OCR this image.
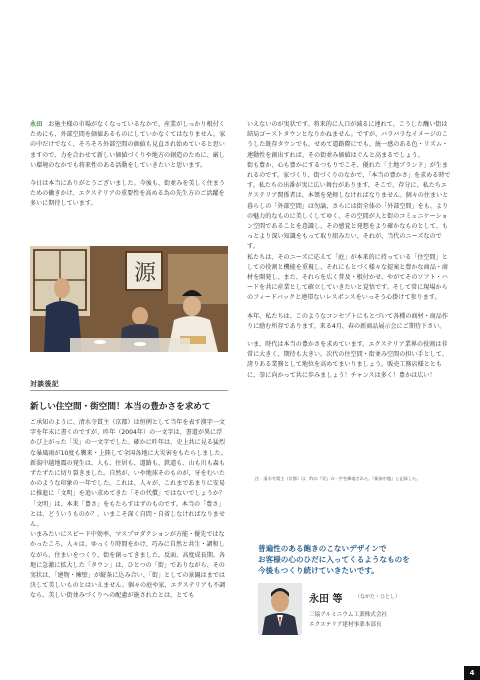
永田　お施主様の市場がなくなっているなかで、産業がしっかり根付くためにも、外部空間を価値あるものにしていかなくてはなりません。家の中だけでなく、そろそろ外部空間の価値も見直され始めていると思いますので、力を合わせて新しい価値づくりや地方の創造のために、厳しい環境のなかでも将来性のある活動をしていきたいと思います。

今日は本当にありがとうございました。今後も、街並みを美しく住まうための働きかけ、エクステリアの重要性を高める為の先生方のご活躍を多いに期待しています。

源
対談後記
新しい住空間・街空間！本当の豊かさを求めて

ご承知のように、清水寺貫主（京都）は恒例として当年を表す漢字一文字を年末に書くのですが、昨年（2004年）の一文字は、書道が異に浮かび上がった「災」の一文字でした。確かに昨年は、史上共に見る猛烈な暴風雨が10度も襲来・上陸して全国各地に大災害をもたらしました。新潟中越地震の発生は、人も、住居も、道路も、鉄道も、山も川も森もずたずたに切り裂きました。自然が、いや地球そのものが、牙をむいたかのような印象の一年でした。これは、人々が、これまであまりに安易に推進に「文明」を追い求めてきた「その代償」ではないでしょうか？「文明」は、本来「豊さ」をもたらすはずのものです。本当の「豊さ」とは、どういうものか？、いまこそ深く自問・自省しなければなりません。

いまみたいにスピード中効率、マスプロダクションが方能・優先ではなかったころ、人々は、ゆっくり時間をかけ、巧みに自然と共生・調和しながら、住まいをつくり、街を創ってきました。反面、高度成長期、各地に急激に拡大した「タウン」は、ひとつの「街」でありながら、その実状は、「建物・擁壁」が縦条に込み合い、「街」としての景観はまでは決して美しいものとはいえません。個々の庭や家、エクステリアも不調なら、美しい街並みづくりへの配慮が施されたとは、とても

いえないのが実状です。将来的に人口が減るに連れて、こうした醜い街は結局ゴーストタウンとなりかねません。ですが、バラバラなイメージのこうした既存タウンでも、せめて道路際にでも、統一感のある色・リズム・連動性を創出すれば、その街並み価値はぐんと高まるでしょう。

街も豊か、心も豊かにするつもりでこそ、優れた「土地ブランド」が生まれるのです。家づくり、街づくりのなかで、「本当の豊かさ」を求める時です。私たちの出番が実に広い舞台があります。そこで、存分に、私たちエクステリア関係者は、本領を発揮しなければなりません。個々の住まいと暮らしの「外部空間」は勿論、さらには街全体の「外部空間」をも、よりの魅力的なものに美しくしてゆく、その空間が人と街のコミュニケーション空間であることを意識し、その感覚と発想をより確かなものとして、もっとより深い知識をもって取り組みたい、それが、当代のニーズなのです。

私たちは、そのニーズに応えて「庭」が本来的に持っている「住空間」としての役割と機能を重視し、それにもとづく様々な提案と豊かな商品・商材を開発し、また、それらを広く普及・根付かせ、やがてそのソフト・ハードを共に産業として確立していきたいと覚悟です。そして常に現場からのフィードバックと連帯ないレスポンスをいっそう心掛けて参ります。

本年、私たちは、このようなコンセプトにもとづいて各種の商材・商品作りに励む所存であります。来る4月、春の新商品展示会にご期待下さい。

いま、時代は本当の豊かさを求めています。エクステリア業界の役割は非常に大きく、期待も大きい。次代の住空間・街並み空間の担い手として、誇りある業務として地位を高めてまいりましょう。販売工務店様とともに、拳に向かって共に歩みましょう！チャンスは多く！豊かは広い！

注：清水寺貫主（京都）は、昨の『災』の一字を揮毫された。『新潟中越』と記録した。
普遍性のある飽きのこないデザインで
お客様の心のひだに入ってくるようなものを
今後もつくり続けていきたいです。
永田 等	（ながた・ひとし）
三協アルミニウム工業株式会社
エクステリア建材事業本部長
4
